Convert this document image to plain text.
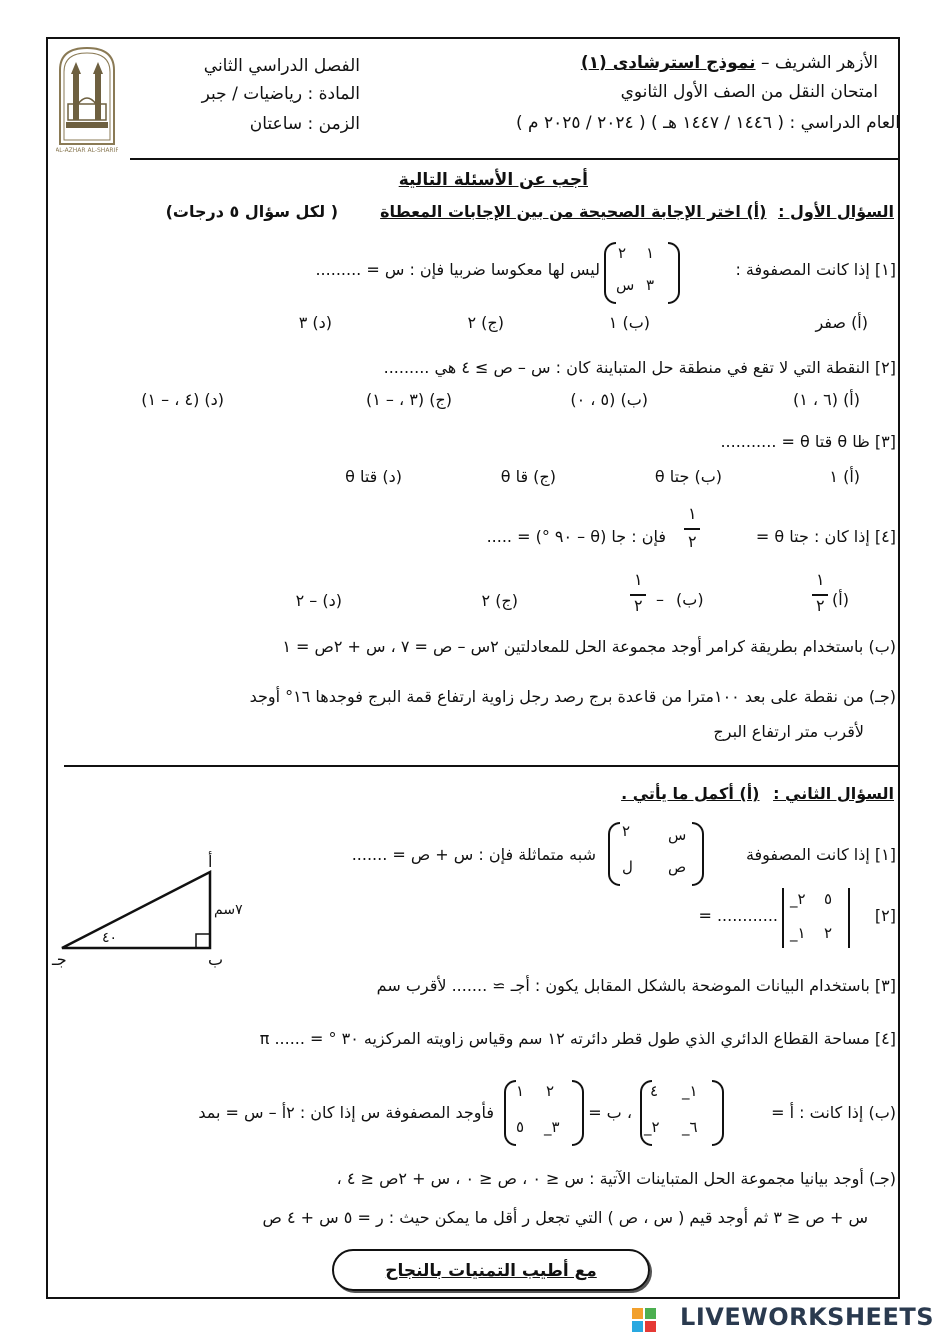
AL-AZHAR AL-SHARIF
الأزهر الشريف – نموذج استرشادى (١)
امتحان النقل من الصف الأول الثانوي
العام الدراسي : ( ١٤٤٦ / ١٤٤٧ هـ ) ( ٢٠٢٤ / ٢٠٢٥ م )
الفصل الدراسي الثاني
المادة : رياضيات / جبر
الزمن : ساعتان
أجب عن الأسئلة التالية
السؤال الأول : (أ) اختر الإجابة الصحيحة من بين الإجابات المعطاة
( لكل سؤال ٥ درجات)
[١] إذا كانت المصفوفة :
١
٢
٣
س
ليس لها معكوسا ضربيا فإن : س = .........
(أ) صفر
(ب) ١
(ج) ٢
(د) ٣
[٢] النقطة التي لا تقع في منطقة حل المتباينة كان : س – ص ≥ ٤ هي .........
(أ) (٦ ، ١)
(ب) (٥ ، ٠)
(ج) (٣ ، – ١)
(د) (٤ ، – ١)
[٣] ظا θ قتا θ = ...........
(أ) ١
(ب) جتا θ
(ج) قا θ
(د) قتا θ
[٤] إذا كان : جتا θ =
١
٢
فإن : جا (θ – ٩٠ °) = .....
(أ)
١
٢
(ب)
–
١
٢
(ج) ٢
(د) – ٢
(ب) باستخدام بطريقة كرامر أوجد مجموعة الحل للمعادلتين ٢س – ص = ٧ ، س + ٢ص = ١
(جـ) من نقطة على بعد ١٠٠مترا من قاعدة برج رصد رجل زاوية ارتفاع قمة البرج فوجدها ١٦° أوجد
لأقرب متر ارتفاع البرج
السؤال الثاني : (أ) أكمل ما يأتي .
[١] إذا كانت المصفوفة
س
٢
ص
ل
شبه متماثلة فإن : س + ص = .......
[٢]
٥
٢_
٢
١_
= ............
أ
ب
جـ
٧سم
٤٠
[٣] باستخدام البيانات الموضحة بالشكل المقابل يكون : أجـ ≃ ....... لأقرب سم
[٤] مساحة القطاع الدائري الذي طول قطر دائرته ١٢ سم وقياس زاويته المركزيه ٣٠ ° = ...... π
(ب) إذا كانت : أ =
١_
٤
٦_
٢_
، ب =
٢
١
٣_
٥
فأوجد المصفوفة س إذا كان : ٢أ – س = بمد
(جـ) أوجد بيانيا مجموعة الحل المتباينات الآتية : س ≤ ٠ ، ص ≤ ٠ ، س + ٢ص ≤ ٤ ،
س + ص ≤ ٣ ثم أوجد قيم ( س ، ص ) التي تجعل ر أقل ما يمكن حيث : ر = ٥ س + ٤ ص
مع أطيب التمنيات بالنجاح
LIVEWORKSHEETS
